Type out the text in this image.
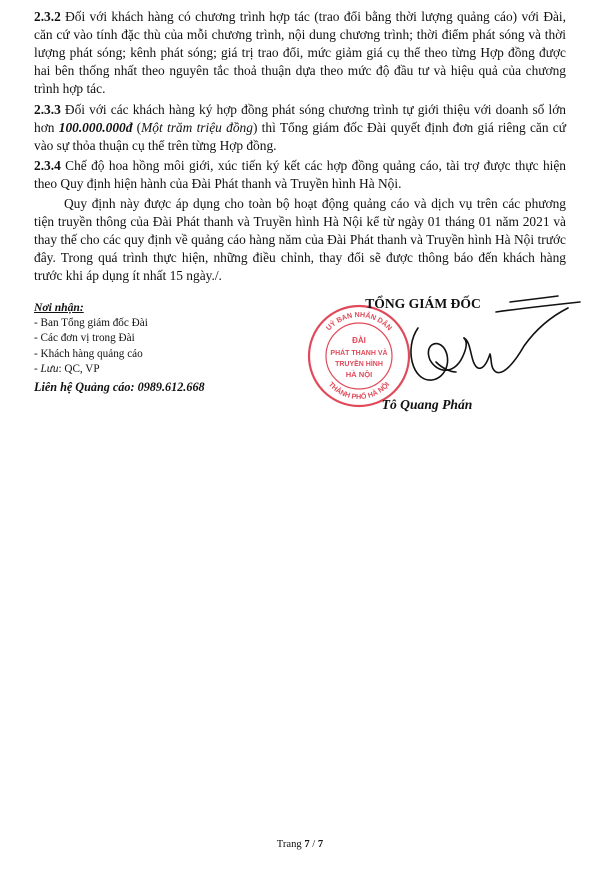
2.3.2 Đối với khách hàng có chương trình hợp tác (trao đổi bằng thời lượng quảng cáo) với Đài, căn cứ vào tính đặc thù của mỗi chương trình, nội dung chương trình; thời điểm phát sóng và thời lượng phát sóng; kênh phát sóng; giá trị trao đổi, mức giảm giá cụ thể theo từng Hợp đồng được hai bên thống nhất theo nguyên tắc thoả thuận dựa theo mức độ đầu tư và hiệu quả của chương trình hợp tác.

2.3.3 Đối với các khách hàng ký hợp đồng phát sóng chương trình tự giới thiệu với doanh số lớn hơn 100.000.000đ (Một trăm triệu đồng) thì Tổng giám đốc Đài quyết định đơn giá riêng căn cứ vào sự thỏa thuận cụ thể trên từng Hợp đồng.

2.3.4 Chế độ hoa hồng môi giới, xúc tiến ký kết các hợp đồng quảng cáo, tài trợ được thực hiện theo Quy định hiện hành của Đài Phát thanh và Truyền hình Hà Nội.

Quy định này được áp dụng cho toàn bộ hoạt động quảng cáo và dịch vụ trên các phương tiện truyền thông của Đài Phát thanh và Truyền hình Hà Nội kể từ ngày 01 tháng 01 năm 2021 và thay thế cho các quy định về quảng cáo hàng năm của Đài Phát thanh và Truyền hình Hà Nội trước đây. Trong quá trình thực hiện, những điều chỉnh, thay đổi sẽ được thông báo đến khách hàng trước khi áp dụng ít nhất 15 ngày./.

Nơi nhận:
- Ban Tổng giám đốc Đài
- Các đơn vị trong Đài
- Khách hàng quảng cáo
- Lưu: QC, VP
Liên hệ Quảng cáo: 0989.612.668
UỶ BAN NHÂN DÂN
THÀNH PHỐ HÀ NỘI
ĐÀI
PHÁT THANH VÀ
TRUYỀN HÌNH
HÀ NỘI
TỔNG GIÁM ĐỐC
Tô Quang Phán
Trang 7 / 7
